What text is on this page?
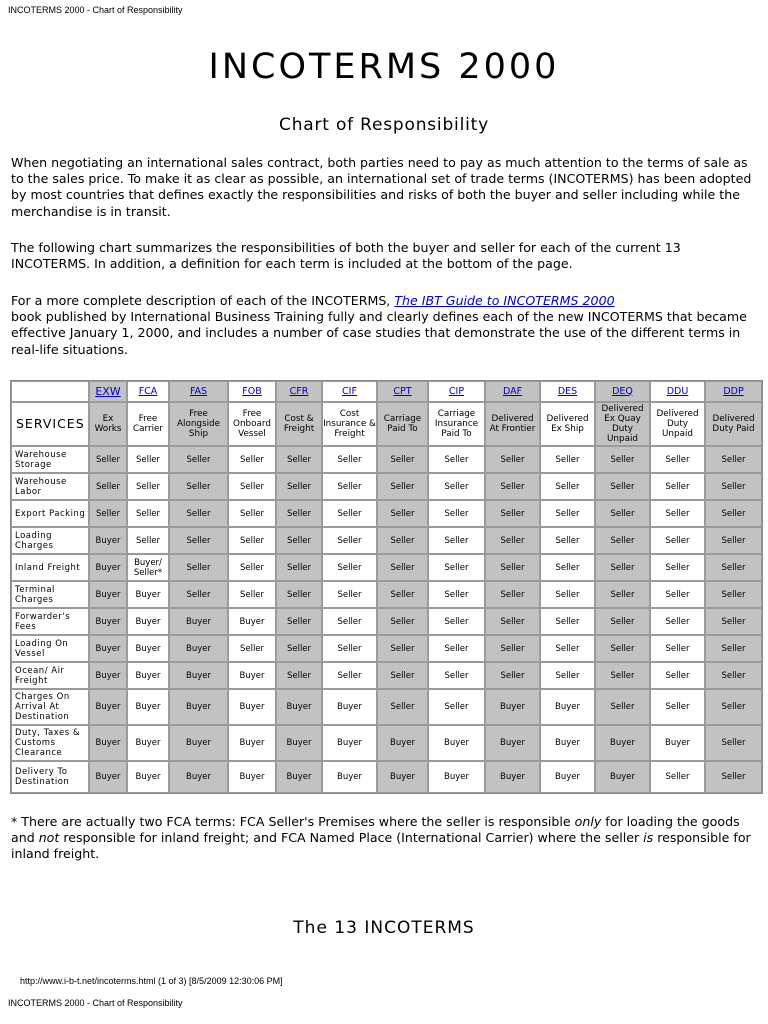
INCOTERMS 2000 - Chart of Responsibility
INCOTERMS 2000
Chart of Responsibility

When negotiating an international sales contract, both parties need to pay as much attention to the terms of sale as to the sales price. To make it as clear as possible, an international set of trade terms (INCOTERMS) has been adopted by most countries that defines exactly the responsibilities and risks of both the buyer and seller including while the merchandise is in transit.

The following chart summarizes the responsibilities of both the buyer and seller for each of the current 13 INCOTERMS. In addition, a definition for each term is included at the bottom of the page.

For a more complete description of each of the INCOTERMS, The IBT Guide to INCOTERMS 2000
book published by International Business Training fully and clearly defines each of the new INCOTERMS that became effective January 1, 2000, and includes a number of case studies that demonstrate the use of the different terms in real-life situations.

	EXW	FCA	FAS	FOB	CFR	CIF	CPT	CIP	DAF	DES	DEQ	DDU	DDP
SERVICES	Ex Works	Free Carrier	Free Alongside Ship	Free Onboard Vessel	Cost & Freight	Cost Insurance & Freight	Carriage Paid To	Carriage Insurance Paid To	Delivered At Frontier	Delivered Ex Ship	Delivered Ex Quay Duty Unpaid	Delivered Duty Unpaid	Delivered Duty Paid
Warehouse Storage	Seller	Seller	Seller	Seller	Seller	Seller	Seller	Seller	Seller	Seller	Seller	Seller	Seller
Warehouse Labor	Seller	Seller	Seller	Seller	Seller	Seller	Seller	Seller	Seller	Seller	Seller	Seller	Seller
Export Packing	Seller	Seller	Seller	Seller	Seller	Seller	Seller	Seller	Seller	Seller	Seller	Seller	Seller
Loading Charges	Buyer	Seller	Seller	Seller	Seller	Seller	Seller	Seller	Seller	Seller	Seller	Seller	Seller
Inland Freight	Buyer	Buyer/ Seller*	Seller	Seller	Seller	Seller	Seller	Seller	Seller	Seller	Seller	Seller	Seller
Terminal Charges	Buyer	Buyer	Seller	Seller	Seller	Seller	Seller	Seller	Seller	Seller	Seller	Seller	Seller
Forwarder's Fees	Buyer	Buyer	Buyer	Buyer	Seller	Seller	Seller	Seller	Seller	Seller	Seller	Seller	Seller
Loading On Vessel	Buyer	Buyer	Buyer	Seller	Seller	Seller	Seller	Seller	Seller	Seller	Seller	Seller	Seller
Ocean/ Air Freight	Buyer	Buyer	Buyer	Buyer	Seller	Seller	Seller	Seller	Seller	Seller	Seller	Seller	Seller
Charges On Arrival At Destination	Buyer	Buyer	Buyer	Buyer	Buyer	Buyer	Seller	Seller	Buyer	Buyer	Seller	Seller	Seller
Duty, Taxes & Customs Clearance	Buyer	Buyer	Buyer	Buyer	Buyer	Buyer	Buyer	Buyer	Buyer	Buyer	Buyer	Buyer	Seller
Delivery To Destination	Buyer	Buyer	Buyer	Buyer	Buyer	Buyer	Buyer	Buyer	Buyer	Buyer	Buyer	Seller	Seller

* There are actually two FCA terms: FCA Seller's Premises where the seller is responsible only for loading the goods and not responsible for inland freight; and FCA Named Place (International Carrier) where the seller is responsible for inland freight.

The 13 INCOTERMS
http://www.i-b-t.net/incoterms.html (1 of 3) [8/5/2009 12:30:06 PM]
INCOTERMS 2000 - Chart of Responsibility
